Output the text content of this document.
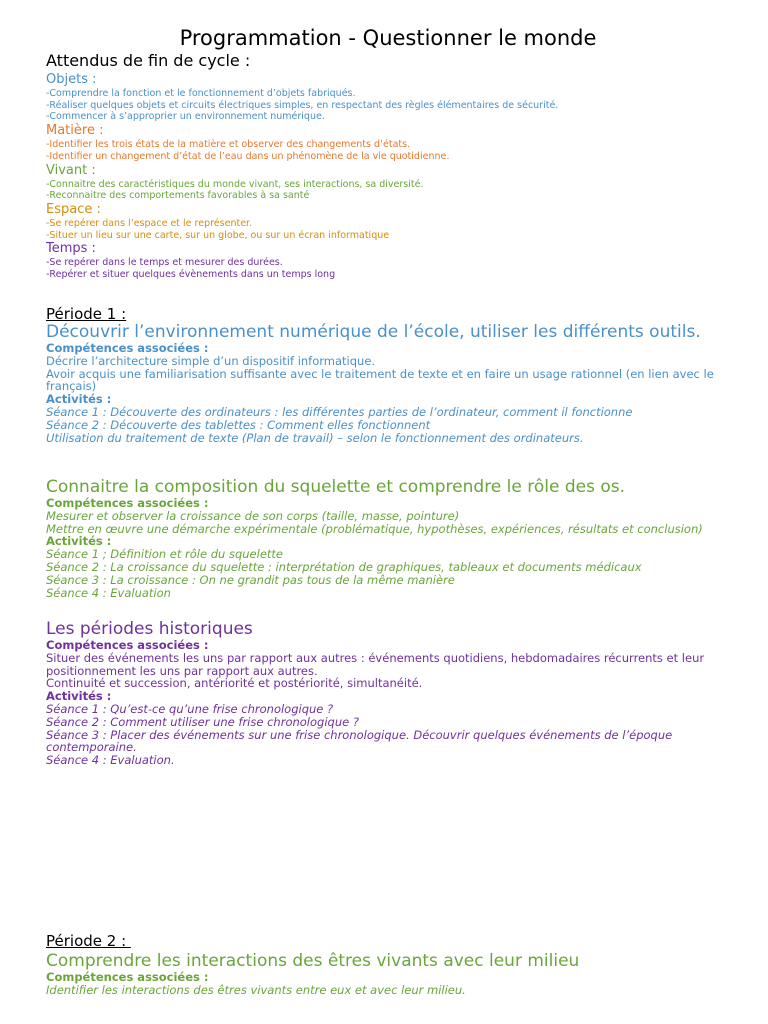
Programmation - Questionner le monde
Attendus de fin de cycle :
Objets :
-Comprendre la fonction et le fonctionnement d’objets fabriqués.
-Réaliser quelques objets et circuits électriques simples, en respectant des règles élémentaires de sécurité.
-Commencer à s’approprier un environnement numérique.
Matière :
-Identifier les trois états de la matière et observer des changements d’états.
-Identifier un changement d’état de l’eau dans un phénomène de la vie quotidienne.
Vivant :
-Connaitre des caractéristiques du monde vivant, ses interactions, sa diversité.
-Reconnaitre des comportements favorables à sa santé
Espace :
-Se repérer dans l’espace et le représenter.
-Situer un lieu sur une carte, sur un globe, ou sur un écran informatique
Temps :
-Se repérer dans le temps et mesurer des durées.
-Repérer et situer quelques évènements dans un temps long
Période 1 :
Découvrir l’environnement numérique de l’école, utiliser les différents outils.
Compétences associées :
Décrire l’architecture simple d’un dispositif informatique.
Avoir acquis une familiarisation suffisante avec le traitement de texte et en faire un usage rationnel (en lien avec le français)
Activités :
Séance 1 : Découverte des ordinateurs : les différentes parties de l’ordinateur, comment il fonctionne
Séance 2 : Découverte des tablettes : Comment elles fonctionnent
Utilisation du traitement de texte (Plan de travail) – selon le fonctionnement des ordinateurs.
Connaitre la composition du squelette et comprendre le rôle des os.
Compétences associées :
Mesurer et observer la croissance de son corps (taille, masse, pointure)
Mettre en œuvre une démarche expérimentale (problématique, hypothèses, expériences, résultats et conclusion)
Activités :
Séance 1 ; Définition et rôle du squelette
Séance 2 : La croissance du squelette : interprétation de graphiques, tableaux et documents médicaux
Séance 3 : La croissance : On ne grandit pas tous de la même manière
Séance 4 : Evaluation
Les périodes historiques
Compétences associées :
Situer des événements les uns par rapport aux autres : événements quotidiens, hebdomadaires récurrents et leur positionnement les uns par rapport aux autres.
Continuité et succession, antériorité et postériorité, simultanéité.
Activités :
Séance 1 : Qu’est-ce qu’une frise chronologique ?
Séance 2 : Comment utiliser une frise chronologique ?
Séance 3 : Placer des événements sur une frise chronologique. Découvrir quelques événements de l’époque contemporaine.
Séance 4 : Evaluation.
Période 2 :
Comprendre les interactions des êtres vivants avec leur milieu
Compétences associées :
Identifier les interactions des êtres vivants entre eux et avec leur milieu.
